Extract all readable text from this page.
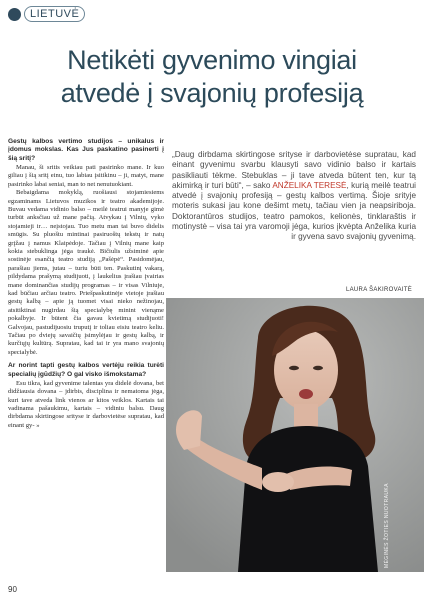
LIETUVĖ
Netikėti gyvenimo vingiai
atvedė į svajonių profesiją

Gestų kalbos vertimo studijos – unikalus ir įdomus mokslas. Kas Jus paskatino pasinerti į šią sritį?

Manau, ši sritis veikiau pati pasirinko mane. Ir kuo giliau į šią sritį einu, tuo labiau įsitikinu – ji, matyt, mane pasirinko labai seniai, man to net nenutuokiant.

Bebaigdama mokyklą, ruošiausi stojamiesiems egzaminams Lietuvos muzikos ir teatro akademijoje. Buvau vedama vidinio balso – meilė teatrui manyje gimė turbūt anksčiau už mane pačią. Atvykau į Vilnių, vyko stojamieji ir… neįstojau. Tuo metu man tai buvo didelis smūgis. Su pluoštu mintinai pasiruoštų tekstų ir natų grįžau į namus Klaipėdoje. Tačiau į Vilnių mane kaip kokia stebuklinga jėga traukė. Bičiulis užsiminė apie sostinėje esančią teatro studiją „Pašėpė“. Pasidomėjau, parašiau jiems, jutau – turiu būti ten. Paskutinį vakarą, pildydama prašymą studijuoti, į laukelius įrašiau įvairias mane dominančias studijų programas – ir visas Vilniuje, kad būčiau arčiau teatro. Priešpaskutinėje vietoje įrašiau gestų kalbą – apie ją tuomet visai nieko nežinojau, atsitiktinai nugirdau šią specialybę minint vienąme pokalbyje. Ir būtent čia gavau kvietimą studijuoti! Galvojau, pastudijuosiu truputį ir toliau eisiu teatro keliu. Tačiau po dviejų savaičių įsimylėjau ir gestų kalbą, ir kurčiųjų kultūrą. Supratau, kad tai ir yra mano svajonių specialybė.

Ar norint tapti gestų kalbos vertėju reikia turėti specialių įgūdžių? O gal visko išmokstama?

Esu tikra, kad gyvenime talentas yra didelė dovana, bet didžiausia dovana – jdirbis, disciplina ir nematoma jėga, kuri tave atveda link vienos ar kitos veiklos. Kartais tai vadinama pašaukimu, kartais – vidiniu balsu. Daug dirbdama skirtingose srityse ir darbovietėse supratau, kad einant gy- »

„Daug dirbdama skirtingose srityse ir darbovietėse supratau, kad einant gyvenimu svarbu klausyti savo vidinio balso ir kartais pasikliauti tėkme. Stebuklas – ji tave atveda būtent ten, kur tą akimirką ir turi būti“, – sako ANŽELIKA TERESĖ, kurią meilė teatrui atvedė į svajonių profesiją – gestų kalbos vertimą. Šioje srityje moteris sukasi jau kone dešimt metų, tačiau vien ja neapsiriboja. Doktorantūros studijos, teatro pamokos, kelionės, tinklaraštis ir motinystė – visa tai yra varomoji jėga, kurios įkvėpta Anželika kuria ir gyvena savo svajonių gyvenimą.

LAURA ŠAKIROVAITĖ
MĖGINĖS ŽOTIES NUOTRAUKA
90
